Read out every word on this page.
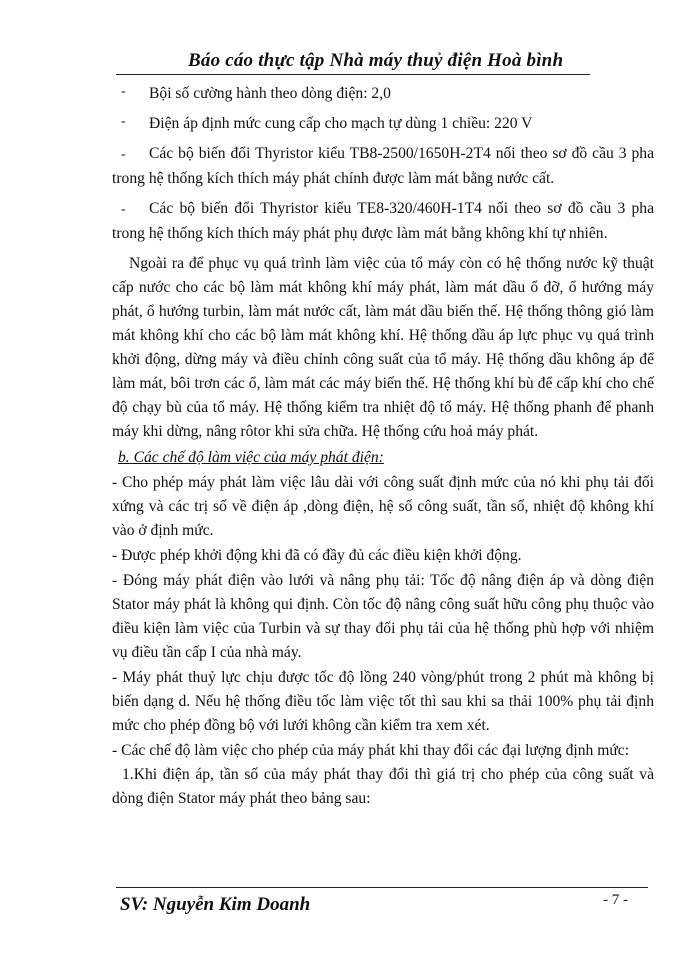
Báo cáo thực tập Nhà máy thuỷ điện Hoà bình

- Bội số cường hành theo dòng điện: 2,0

- Điện áp định mức cung cấp cho mạch tự dùng 1 chiều: 220 V

- Các bộ biến đổi Thyristor kiểu TB8-2500/1650H-2T4 nối theo sơ đồ cầu 3 pha trong hệ thống kích thích máy phát chính được làm mát bằng nước cất.

- Các bộ biến đổi Thyristor kiểu TE8-320/460H-1T4 nối theo sơ đồ cầu 3 pha trong hệ thống kích thích máy phát phụ được làm mát bằng không khí tự nhiên.

Ngoài ra để phục vụ quá trình làm việc của tổ máy còn có hệ thống nước kỹ thuật cấp nước cho các bộ làm mát không khí máy phát, làm mát dầu ổ đỡ, ổ hướng máy phát, ổ hướng turbin, làm mát nước cất, làm mát dầu biến thế. Hệ thống thông gió làm mát không khí cho các bộ làm mát không khí. Hệ thống dầu áp lực phục vụ quá trình khởi động, dừng máy và điều chỉnh công suất của tổ máy. Hệ thống dầu không áp để làm mát, bôi trơn các ổ, làm mát các máy biến thế. Hệ thống khí bù để cấp khí cho chế độ chạy bù của tổ máy. Hệ thống kiểm tra nhiệt độ tổ máy. Hệ thống phanh để phanh máy khi dừng, nâng rôtor khi sửa chữa. Hệ thống cứu hoả máy phát.

b. Các chế độ làm việc của máy phát điện:

- Cho phép máy phát làm việc lâu dài với công suất định mức của nó khi phụ tải đối xứng và các trị số về điện áp ,dòng điện, hệ số công suất, tần số, nhiệt độ không khí vào ở định mức.

- Được phép khởi động khi đã có đầy đủ các điều kiện khởi động.

- Đóng máy phát điện vào lưới và nâng phụ tải: Tốc độ nâng điện áp và dòng điện Stator máy phát là không qui định. Còn tốc độ nâng công suất hữu công phụ thuộc vào điều kiện làm việc của Turbin và sự thay đổi phụ tải của hệ thống phù hợp với nhiệm vụ điều tần cấp I của nhà máy.

- Máy phát thuỷ lực chịu được tốc độ lồng 240 vòng/phút trong 2 phút mà không bị biến dạng d. Nếu hệ thống điều tốc làm việc tốt thì sau khi sa thải 100% phụ tải định mức cho phép đồng bộ với lưới không cần kiểm tra xem xét.

- Các chế độ làm việc cho phép của máy phát khi thay đổi các đại lượng định mức:

1.Khi điện áp, tần số của máy phát thay đổi thì giá trị cho phép của công suất và dòng điện Stator máy phát theo bảng sau:

SV: Nguyễn Kim Doanh	- 7 -
